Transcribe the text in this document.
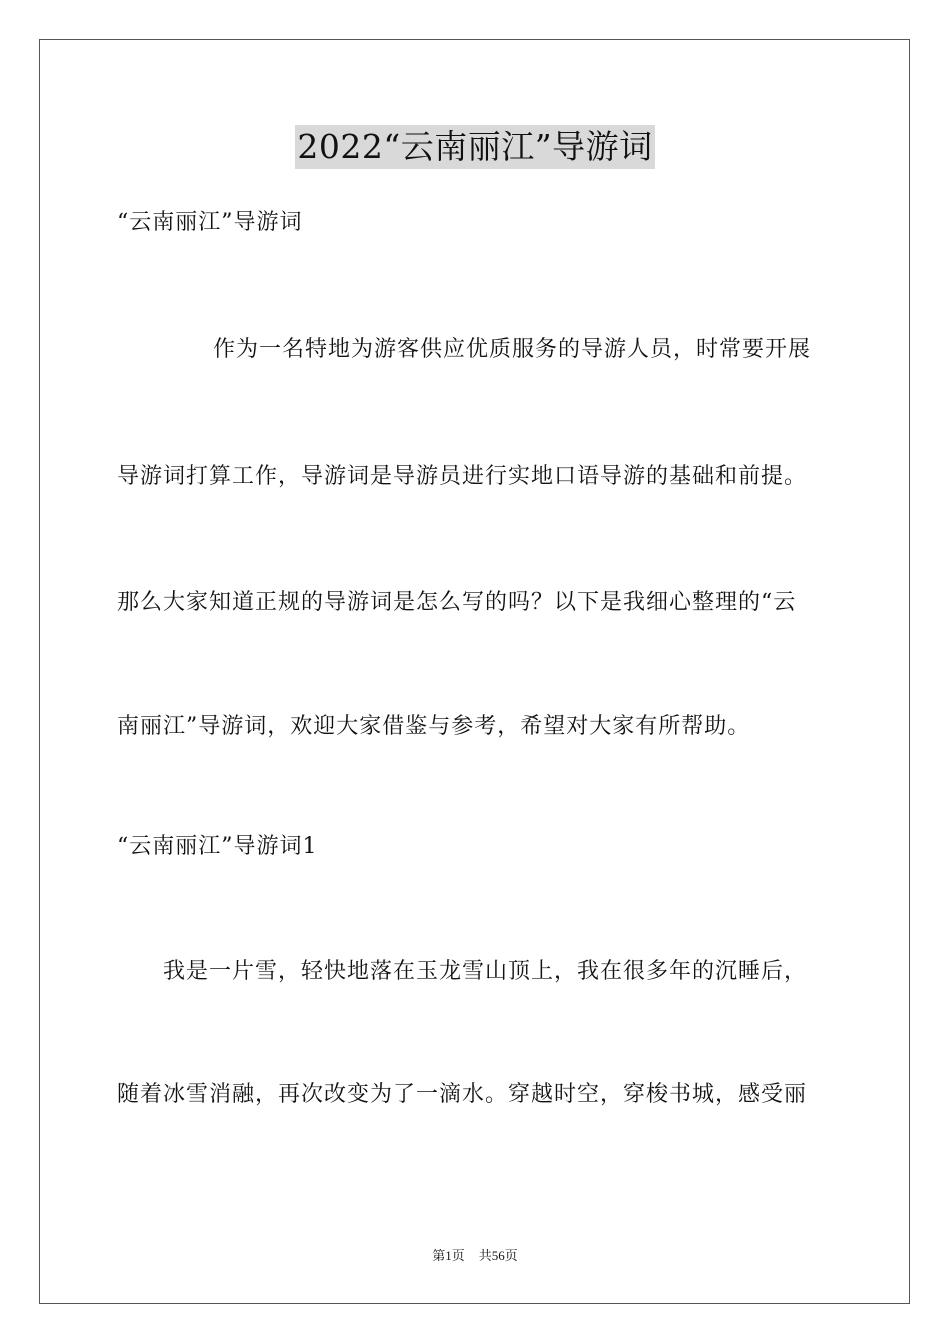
2022“云南丽江”导游词
“云南丽江”导游词
作为一名特地为游客供应优质服务的导游人员，时常要开展
导游词打算工作，导游词是导游员进行实地口语导游的基础和前提。
那么大家知道正规的导游词是怎么写的吗？以下是我细心整理的“云
南丽江”导游词，欢迎大家借鉴与参考，希望对大家有所帮助。
“云南丽江”导游词1
我是一片雪，轻快地落在玉龙雪山顶上，我在很多年的沉睡后，
随着冰雪消融，再次改变为了一滴水。穿越时空，穿梭书城，感受丽
第1页 共56页
